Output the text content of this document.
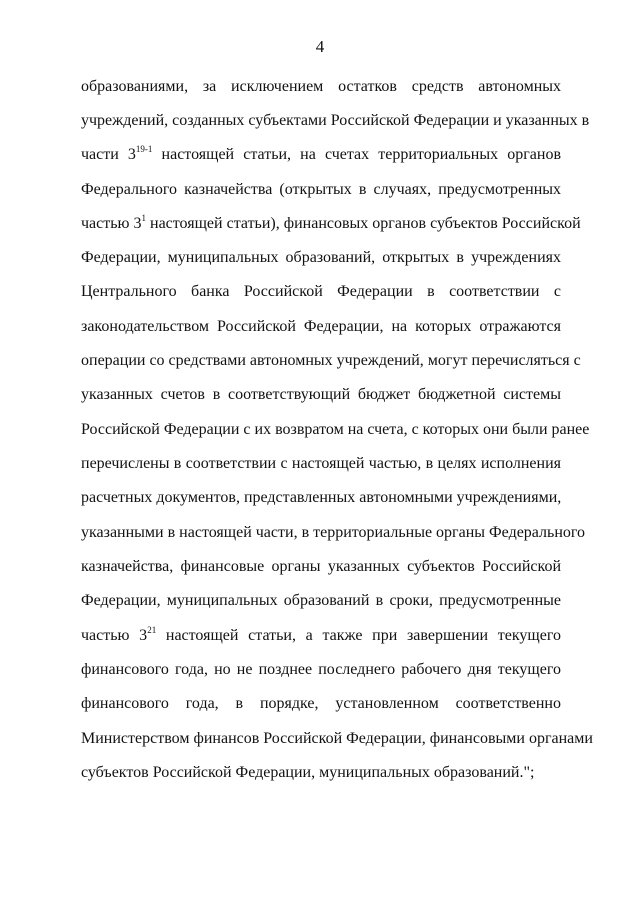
4
образованиями, за исключением остатков средств автономных
учреждений, созданных субъектами Российской Федерации и указанных в
части 3$^{19-1}$ настоящей статьи, на счетах территориальных органов
Федерального казначейства (открытых в случаях, предусмотренных
частью $3^1$ настоящей статьи), финансовых органов субъектов Российской
Федерации, муниципальных образований, открытых в учреждениях
Центрального банка Российской Федерации в соответствии с
законодательством Российской Федерации, на которых отражаются
операции со средствами автономных учреждений, могут перечисляться с
указанных счетов в соответствующий бюджет бюджетной системы
Российской Федерации с их возвратом на счета, с которых они были ранее
перечислены в соответствии с настоящей частью, в целях исполнения
расчетных документов, представленных автономными учреждениями,
указанными в настоящей части, в территориальные органы Федерального
казначейства, финансовые органы указанных субъектов Российской
Федерации, муниципальных образований в сроки, предусмотренные
частью $3^{21}$ настоящей статьи, а также при завершении текущего
финансового года, но не позднее последнего рабочего дня текущего
финансового года, в порядке, установленном соответственно
Министерством финансов Российской Федерации, финансовыми органами
субъектов Российской Федерации, муниципальных образований.";
